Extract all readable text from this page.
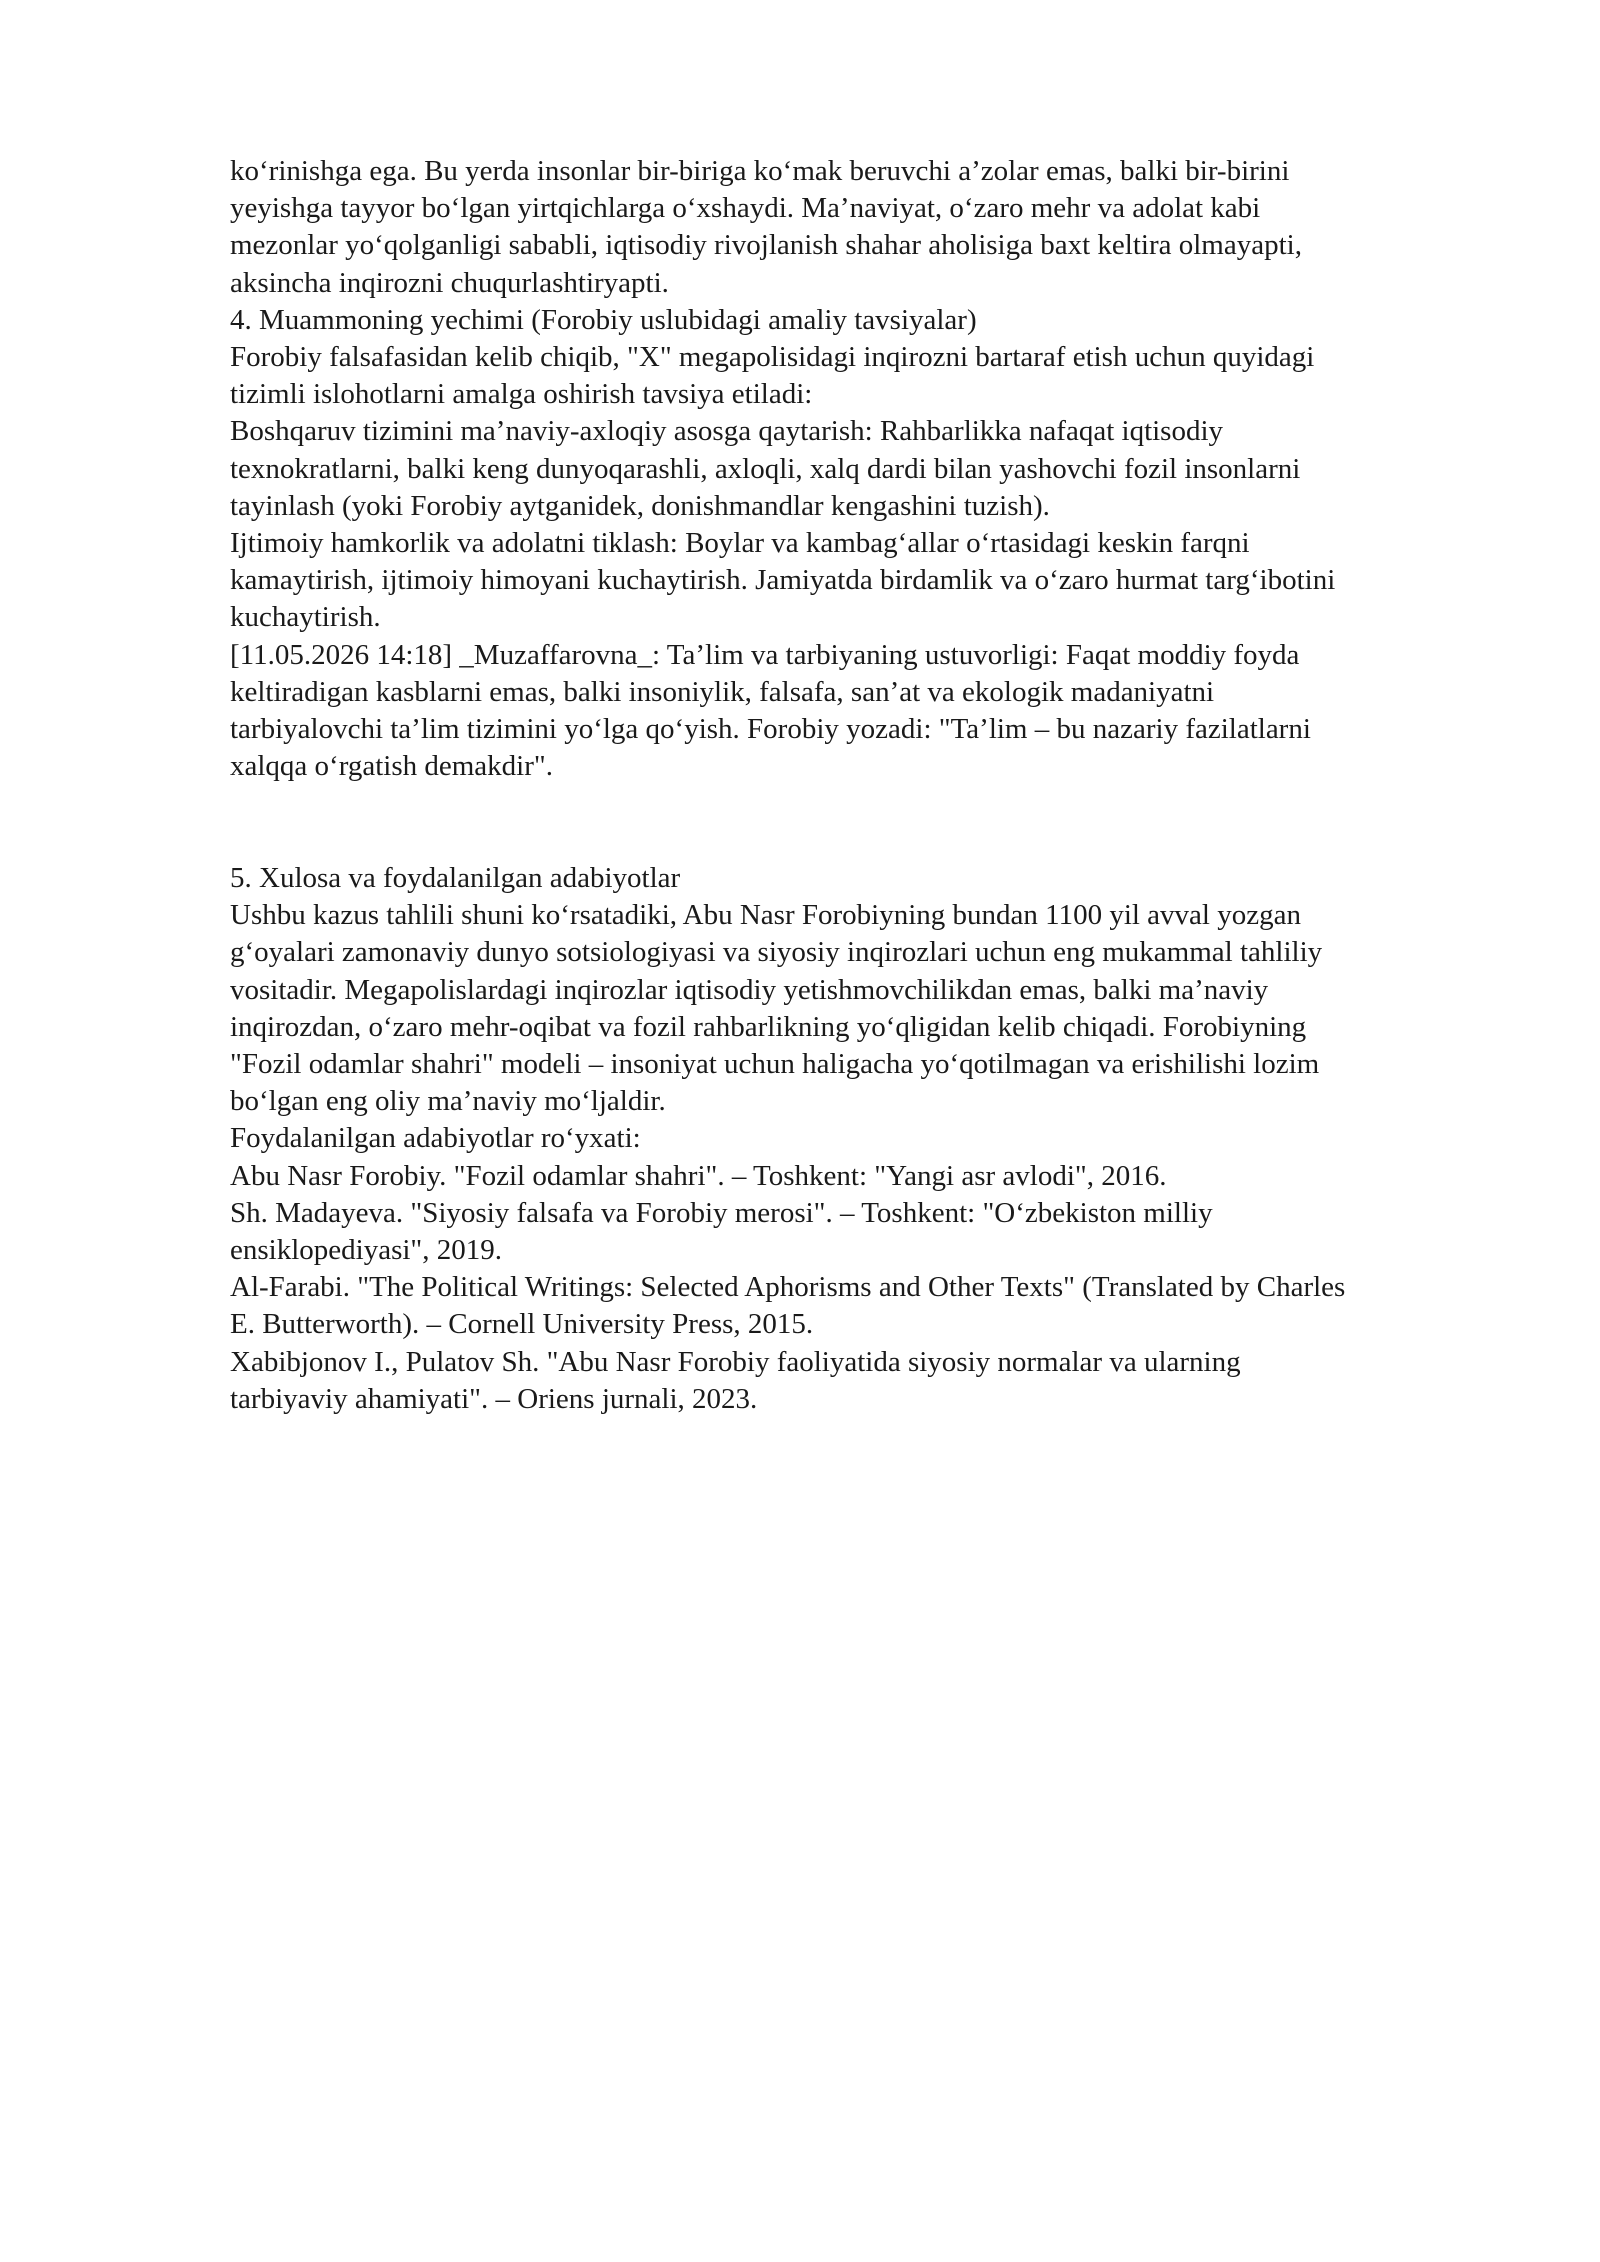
ko‘rinishga ega. Bu yerda insonlar bir-biriga ko‘mak beruvchi a’zolar emas, balki bir-birini
yeyishga tayyor bo‘lgan yirtqichlarga o‘xshaydi. Ma’naviyat, o‘zaro mehr va adolat kabi
mezonlar yo‘qolganligi sababli, iqtisodiy rivojlanish shahar aholisiga baxt keltira olmayapti,
aksincha inqirozni chuqurlashtiryapti.

4. Muammoning yechimi (Forobiy uslubidagi amaliy tavsiyalar)

Forobiy falsafasidan kelib chiqib, "X" megapolisidagi inqirozni bartaraf etish uchun quyidagi
tizimli islohotlarni amalga oshirish tavsiya etiladi:

Boshqaruv tizimini ma’naviy-axloqiy asosga qaytarish: Rahbarlikka nafaqat iqtisodiy
texnokratlarni, balki keng dunyoqarashli, axloqli, xalq dardi bilan yashovchi fozil insonlarni
tayinlash (yoki Forobiy aytganidek, donishmandlar kengashini tuzish).

Ijtimoiy hamkorlik va adolatni tiklash: Boylar va kambag‘allar o‘rtasidagi keskin farqni
kamaytirish, ijtimoiy himoyani kuchaytirish. Jamiyatda birdamlik va o‘zaro hurmat targ‘ibotini
kuchaytirish.

[11.05.2026 14:18] _Muzaffarovna_: Ta’lim va tarbiyaning ustuvorligi: Faqat moddiy foyda
keltiradigan kasblarni emas, balki insoniylik, falsafa, san’at va ekologik madaniyatni
tarbiyalovchi ta’lim tizimini yo‘lga qo‘yish. Forobiy yozadi: "Ta’lim – bu nazariy fazilatlarni
xalqqa o‘rgatish demakdir".

5. Xulosa va foydalanilgan adabiyotlar

Ushbu kazus tahlili shuni ko‘rsatadiki, Abu Nasr Forobiyning bundan 1100 yil avval yozgan
g‘oyalari zamonaviy dunyo sotsiologiyasi va siyosiy inqirozlari uchun eng mukammal tahliliy
vositadir. Megapolislardagi inqirozlar iqtisodiy yetishmovchilikdan emas, balki ma’naviy
inqirozdan, o‘zaro mehr-oqibat va fozil rahbarlikning yo‘qligidan kelib chiqadi. Forobiyning
"Fozil odamlar shahri" modeli – insoniyat uchun haligacha yo‘qotilmagan va erishilishi lozim
bo‘lgan eng oliy ma’naviy mo‘ljaldir.

Foydalanilgan adabiyotlar ro‘yxati:

Abu Nasr Forobiy. "Fozil odamlar shahri". – Toshkent: "Yangi asr avlodi", 2016.

Sh. Madayeva. "Siyosiy falsafa va Forobiy merosi". – Toshkent: "O‘zbekiston milliy
ensiklopediyasi", 2019.

Al-Farabi. "The Political Writings: Selected Aphorisms and Other Texts" (Translated by Charles
E. Butterworth). – Cornell University Press, 2015.

Xabibjonov I., Pulatov Sh. "Abu Nasr Forobiy faoliyatida siyosiy normalar va ularning
tarbiyaviy ahamiyati". – Oriens jurnali, 2023.
